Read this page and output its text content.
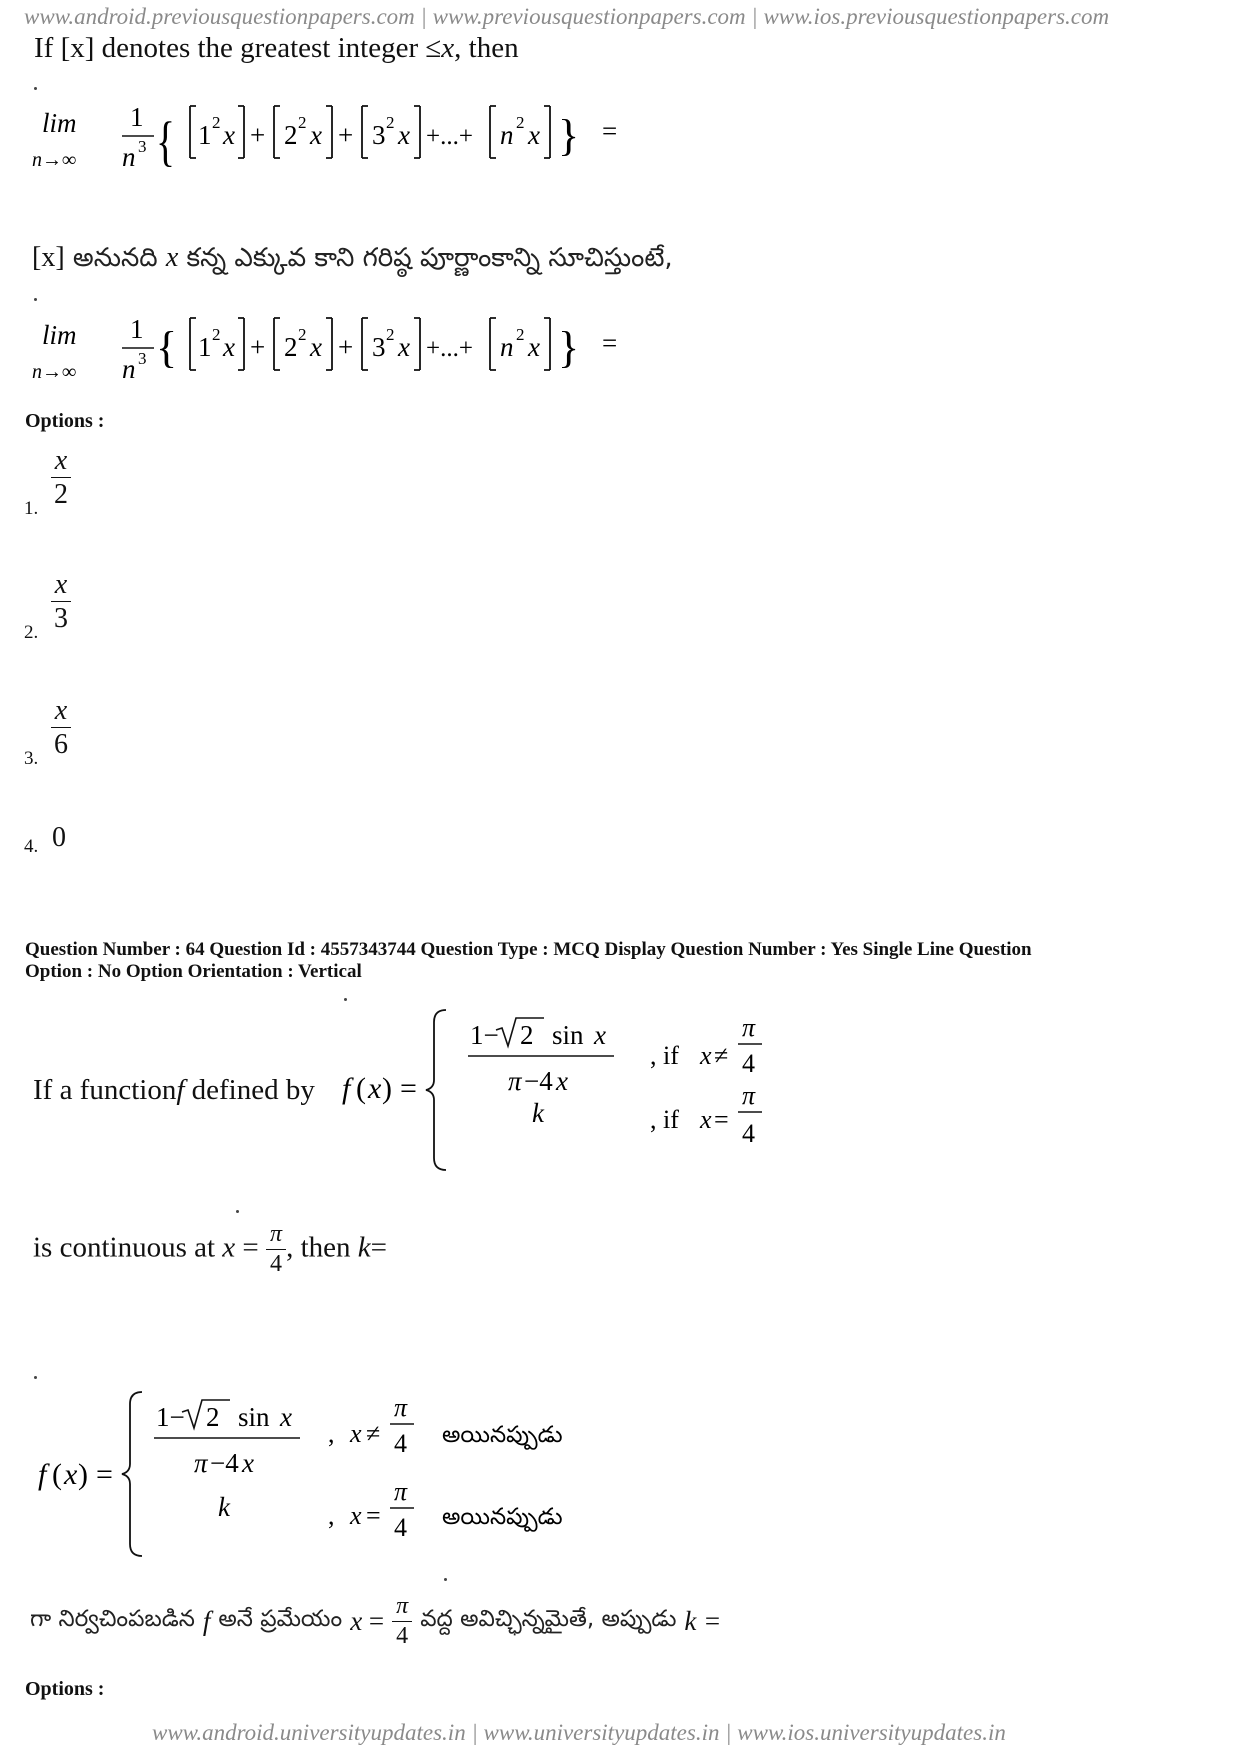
www.android.previousquestionpapers.com | www.previousquestionpapers.com | www.ios.previousquestionpapers.com
If [x] denotes the greatest integer ≤x, then
lim
n→∞
1
n 3 { 1 2 x + 2 2 x + 3 2 x +...+ n 2 x } =
[x] అనునది x కన్న ఎక్కువ కాని గరిష్ఠ పూర్ణాంకాన్ని సూచిస్తుంటే,
lim
n→∞
1
n 3 { 1 2 x + 2 2 x + 3 2 x +...+ n 2 x } =
Options :
1. $\frac{x}{2}$
2. $\frac{x}{3}$
3. $\frac{x}{6}$
4. 0
Question Number : 64 Question Id : 4557343744 Question Type : MCQ Display Question Number : Yes Single Line Question
Option : No Option Orientation : Vertical
If a functionf defined by f ( x ) =
1− 2 sin x
π −4 x
, if x ≠
π
4
k	, if x =
π
4
is continuous at $x = \frac{\pi}{4}$ , then k=
f ( x ) =
1− 2 sin x
π −4 x
, x ≠
π
4 అయినప్పుడు
k	, x =
π
4 అయినప్పుడు
గా నిర్వచింపబడిన f అనే ప్రమేయం $x = \frac{\pi}{4}$ వద్ద అవిచ్ఛిన్నమైతే, అప్పుడు k =
Options :
www.android.universityupdates.in | www.universityupdates.in | www.ios.universityupdates.in
